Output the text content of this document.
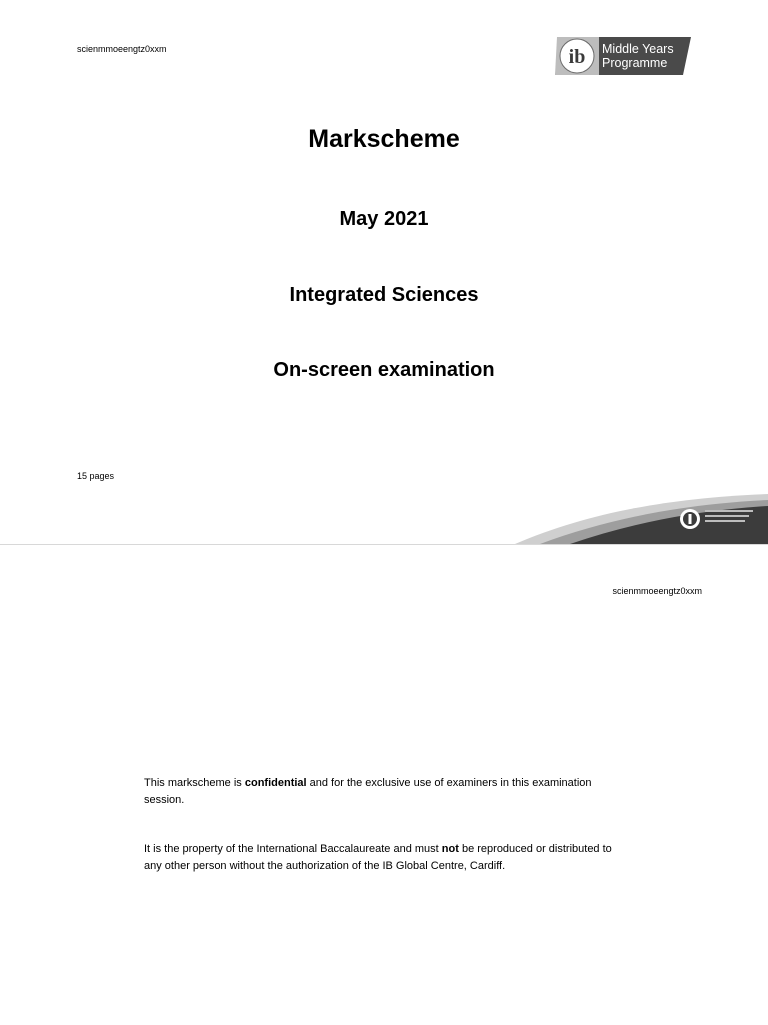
scienmmoeengtz0xxm	ib Middle Years
Programme
Markscheme
May 2021
Integrated Sciences
On-screen examination
15 pages
scienmmoeengtz0xxm
This markscheme is confidential and for the exclusive use of examiners in this examination session.
It is the property of the International Baccalaureate and must not be reproduced or distributed to any other person without the authorization of the IB Global Centre, Cardiff.
